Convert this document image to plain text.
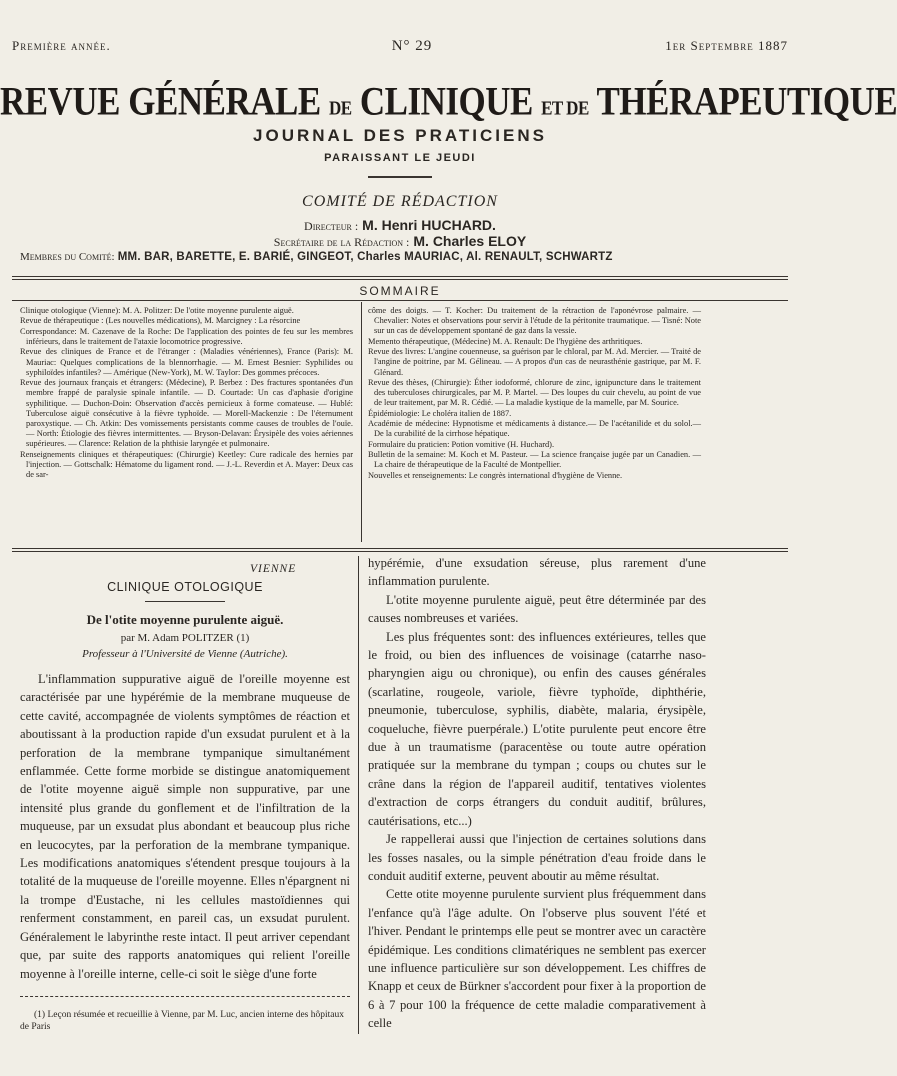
Première année.	N° 29	1er Septembre 1887
REVUE GÉNÉRALE DE CLINIQUE ET DE THÉRAPEUTIQUE
JOURNAL DES PRATICIENS
PARAISSANT LE JEUDI
COMITÉ DE RÉDACTION
Directeur : M. Henri HUCHARD.
Secrétaire de la Rédaction : M. Charles ELOY
Membres du Comité: MM. BAR, BARETTE, E. BARIÉ, GINGEOT, Charles MAURIAC, Al. RENAULT, SCHWARTZ
SOMMAIRE

Clinique otologique (Vienne): M. A. Politzer: De l'otite moyenne purulente aiguë.

Revue de thérapeutique : (Les nouvelles médications), M. Marcigney : La résorcine

Correspondance: M. Cazenave de la Roche: De l'application des pointes de feu sur les membres inférieurs, dans le traitement de l'ataxie locomotrice progressive.

Revue des cliniques de France et de l'étranger : (Maladies vénériennes), France (Paris): M. Mauriac: Quelques complications de la blennorrhagie. — M. Ernest Besnier: Syphilides ou syphiloïdes infantiles? — Amérique (New-York), M. W. Taylor: Des gommes précoces.

Revue des journaux français et étrangers: (Médecine), P. Berbez : Des fractures spontanées d'un membre frappé de paralysie spinale infantile. — D. Courtade: Un cas d'aphasie d'origine syphilitique. — Duchon-Doin: Observation d'accès pernicieux à forme comateuse. — Hublé: Tuberculose aiguë consécutive à la fièvre typhoïde. — Morell-Mackenzie : De l'éternument paroxystique. — Ch. Atkin: Des vomissements persistants comme causes de troubles de l'ouïe. — North: Étiologie des fièvres intermittentes. — Bryson-Delavan: Érysipèle des voies aériennes supérieures. — Clarence: Relation de la phthisie laryngée et pulmonaire.

Renseignements cliniques et thérapeutiques: (Chirurgie) Keetley: Cure radicale des hernies par l'injection. — Gottschalk: Hématome du ligament rond. — J.-L. Reverdin et A. Mayer: Deux cas de sar-

côme des doigts. — T. Kocher: Du traitement de la rétraction de l'aponévrose palmaire. — Chevalier: Notes et observations pour servir à l'étude de la péritonite traumatique. — Tisné: Note sur un cas de développement spontané de gaz dans la vessie.

Memento thérapeutique, (Médecine) M. A. Renault: De l'hygiène des arthritiques.

Revue des livres: L'angine couenneuse, sa guérison par le chloral, par M. Ad. Mercier. — Traité de l'angine de poitrine, par M. Gélineau. — A propos d'un cas de neurasthénie gastrique, par M. F. Glénard.

Revue des thèses, (Chirurgie): Éther iodoformé, chlorure de zinc, ignipuncture dans le traitement des tuberculoses chirurgicales, par M. P. Martel. — Des loupes du cuir chevelu, au point de vue de leur traitement, par M. R. Cédié. — La maladie kystique de la mamelle, par M. Sourice.

Épidémiologie: Le choléra italien de 1887.

Académie de médecine: Hypnotisme et médicaments à distance.— De l'acétanilide et du solol.— De la curabilité de la cirrhose hépatique.

Formulaire du praticien: Potion vomitive (H. Huchard).

Bulletin de la semaine: M. Koch et M. Pasteur. — La science française jugée par un Canadien. — La chaire de thérapeutique de la Faculté de Montpellier.

Nouvelles et renseignements: Le congrès international d'hygiène de Vienne.

VIENNE
CLINIQUE OTOLOGIQUE
De l'otite moyenne purulente aiguë.
par M. Adam POLITZER (1)
Professeur à l'Université de Vienne (Autriche).

L'inflammation suppurative aiguë de l'oreille moyenne est caractérisée par une hypérémie de la membrane muqueuse de cette cavité, accompagnée de violents symptômes de réaction et aboutissant à la production rapide d'un exsudat purulent et à la perforation de la membrane tympanique simultanément enflammée. Cette forme morbide se distingue anatomiquement de l'otite moyenne aiguë simple non suppurative, par une intensité plus grande du gonflement et de l'infiltration de la muqueuse, par un exsudat plus abondant et beaucoup plus riche en leucocytes, par la perforation de la membrane tympanique. Les modifications anatomiques s'étendent presque toujours à la totalité de la muqueuse de l'oreille moyenne. Elles n'épargnent ni la trompe d'Eustache, ni les cellules mastoïdiennes qui renferment constamment, en pareil cas, un exsudat purulent. Généralement le labyrinthe reste intact. Il peut arriver cependant que, par suite des rapports anatomiques qui relient l'oreille moyenne à l'oreille interne, celle-ci soit le siège d'une forte

hypérémie, d'une exsudation séreuse, plus rarement d'une inflammation purulente.

L'otite moyenne purulente aiguë, peut être déterminée par des causes nombreuses et variées.

Les plus fréquentes sont: des influences extérieures, telles que le froid, ou bien des influences de voisinage (catarrhe naso-pharyngien aigu ou chronique), ou enfin des causes générales (scarlatine, rougeole, variole, fièvre typhoïde, diphthérie, pneumonie, tuberculose, syphilis, diabète, malaria, érysipèle, coqueluche, fièvre puerpérale.) L'otite purulente peut encore être due à un traumatisme (paracentèse ou toute autre opération pratiquée sur la membrane du tympan ; coups ou chutes sur le crâne dans la région de l'appareil auditif, tentatives violentes d'extraction de corps étrangers du conduit auditif, brûlures, cautérisations, etc...)

Je rappellerai aussi que l'injection de certaines solutions dans les fosses nasales, ou la simple pénétration d'eau froide dans le conduit auditif externe, peuvent aboutir au même résultat.

Cette otite moyenne purulente survient plus fréquemment dans l'enfance qu'à l'âge adulte. On l'observe plus souvent l'été et l'hiver. Pendant le printemps elle peut se montrer avec un caractère épidémique. Les conditions climatériques ne semblent pas exercer une influence particulière sur son développement. Les chiffres de Knapp et ceux de Bürkner s'accordent pour fixer à la proportion de 6 à 7 pour 100 la fréquence de cette maladie comparativement à celle

(1) Leçon résumée et recueillie à Vienne, par M. Luc, ancien interne des hôpitaux de Paris
